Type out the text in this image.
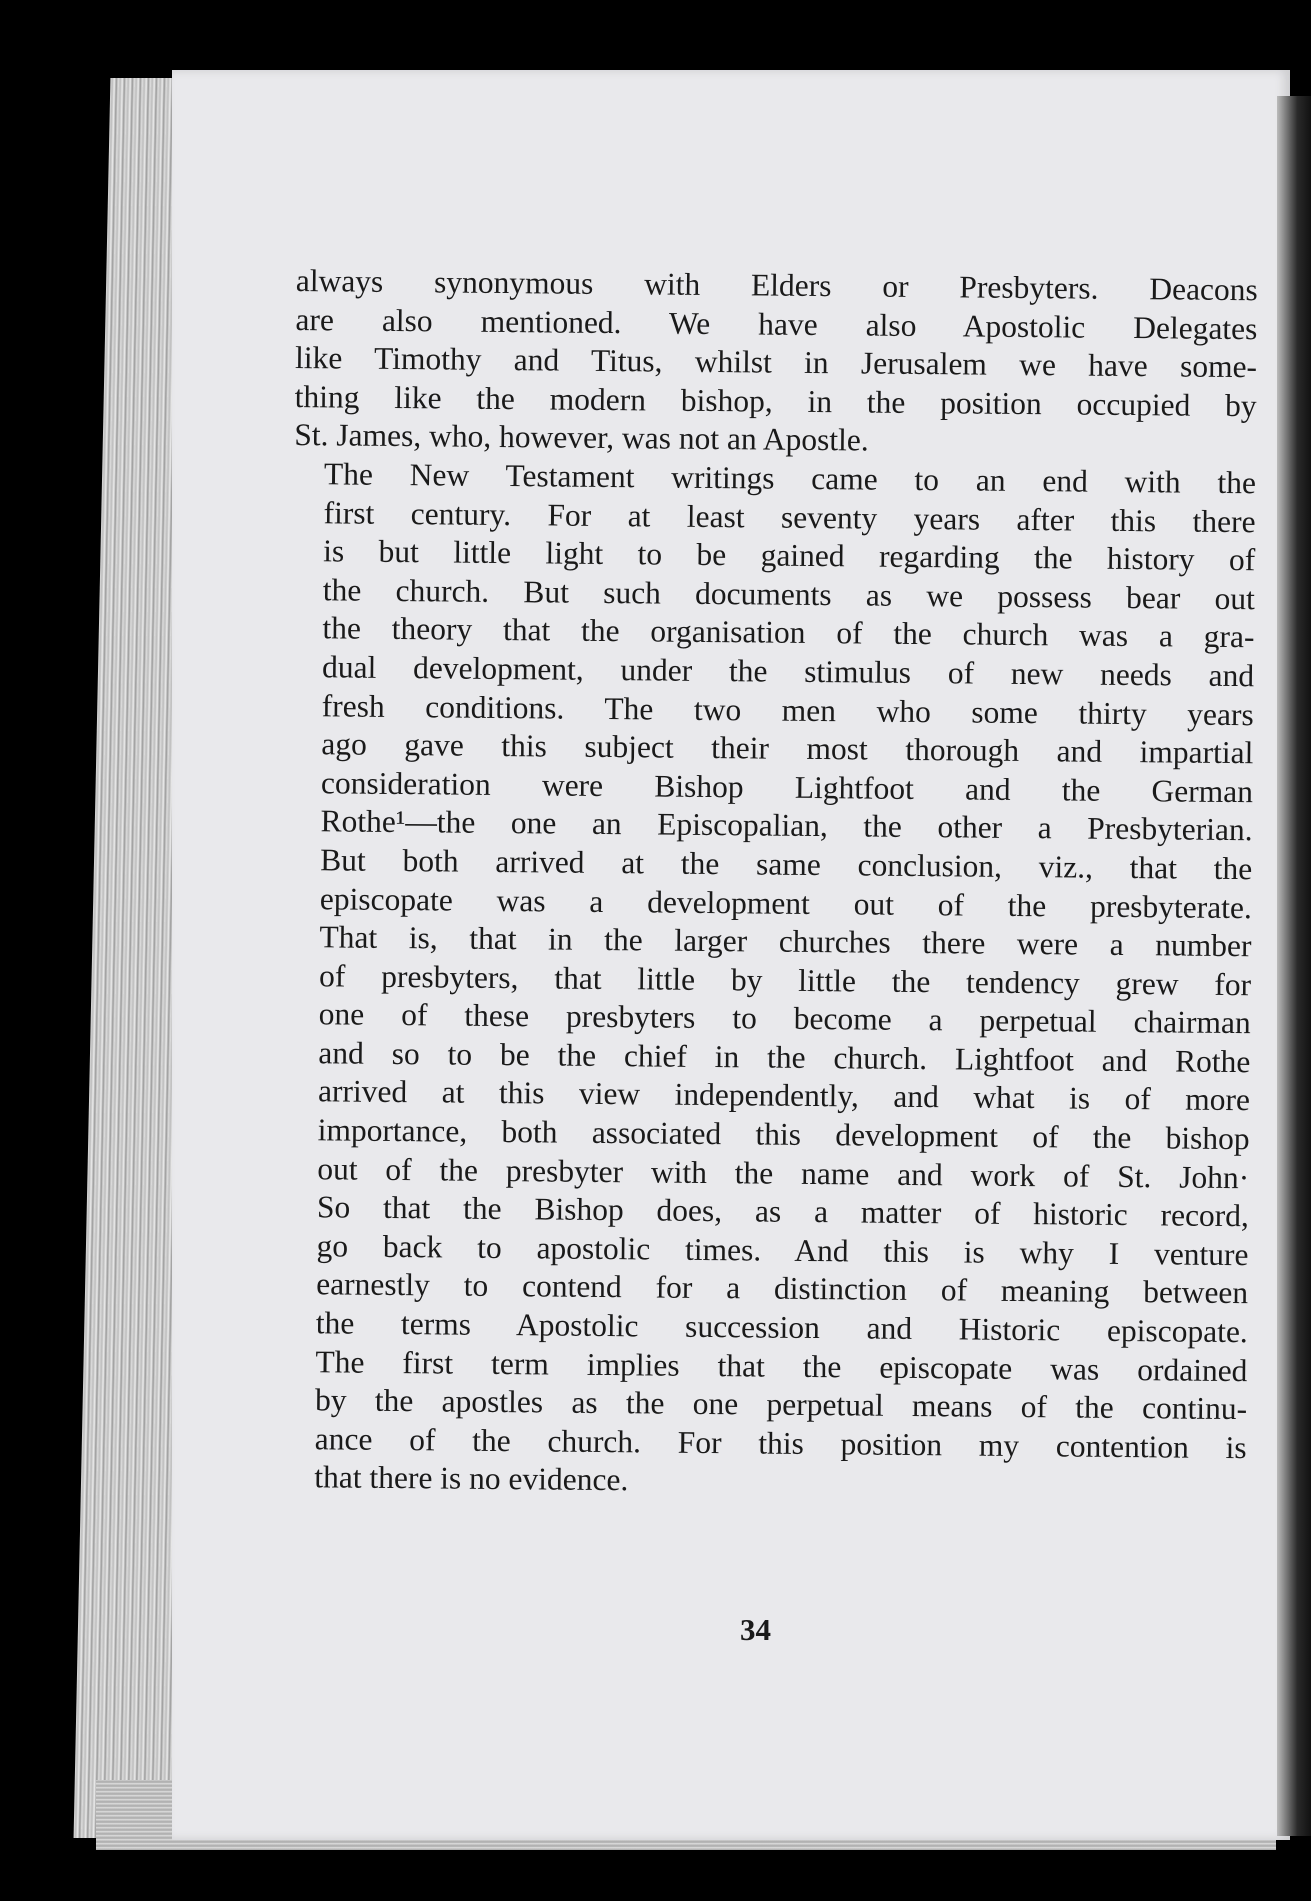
always synonymous with Elders or Presbyters. Deacons
are also mentioned. We have also Apostolic Delegates
like Timothy and Titus, whilst in Jerusalem we have some-
thing like the modern bishop, in the position occupied by
St. James, who, however, was not an Apostle.

The New Testament writings came to an end with the
first century. For at least seventy years after this there
is but little light to be gained regarding the history of
the church. But such documents as we possess bear out
the theory that the organisation of the church was a gra-
dual development, under the stimulus of new needs and
fresh conditions. The two men who some thirty years
ago gave this subject their most thorough and impartial
consideration were Bishop Lightfoot and the German
Rothe¹—the one an Episcopalian, the other a Presbyterian.
But both arrived at the same conclusion, viz., that the
episcopate was a development out of the presbyterate.
That is, that in the larger churches there were a number
of presbyters, that little by little the tendency grew for
one of these presbyters to become a perpetual chairman
and so to be the chief in the church. Lightfoot and Rothe
arrived at this view independently, and what is of more
importance, both associated this development of the bishop
out of the presbyter with the name and work of St. John·
So that the Bishop does, as a matter of historic record,
go back to apostolic times. And this is why I venture
earnestly to contend for a distinction of meaning between
the terms Apostolic succession and Historic episcopate.
The first term implies that the episcopate was ordained
by the apostles as the one perpetual means of the continu-
ance of the church. For this position my contention is
that there is no evidence.

34
